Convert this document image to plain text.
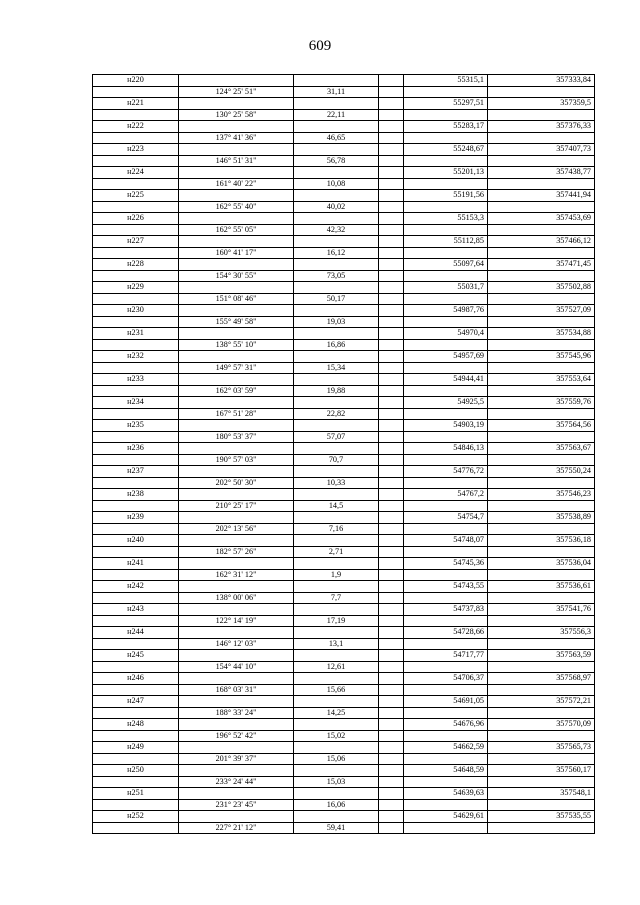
609
н220				55315,1	357333,84
	124° 25' 51"	31,11			
н221				55297,51	357359,5
	130° 25' 58"	22,11			
н222				55283,17	357376,33
	137° 41' 36"	46,65			
н223				55248,67	357407,73
	146° 51' 31"	56,78			
н224				55201,13	357438,77
	161° 40' 22"	10,08			
н225				55191,56	357441,94
	162° 55' 40"	40,02			
н226				55153,3	357453,69
	162° 55' 05"	42,32			
н227				55112,85	357466,12
	160° 41' 17"	16,12			
н228				55097,64	357471,45
	154° 30' 55"	73,05			
н229				55031,7	357502,88
	151° 08' 46"	50,17			
н230				54987,76	357527,09
	155° 49' 58"	19,03			
н231				54970,4	357534,88
	138° 55' 10"	16,86			
н232				54957,69	357545,96
	149° 57' 31"	15,34			
н233				54944,41	357553,64
	162° 03' 59"	19,88			
н234				54925,5	357559,76
	167° 51' 28"	22,82			
н235				54903,19	357564,56
	180° 53' 37"	57,07			
н236				54846,13	357563,67
	190° 57' 03"	70,7			
н237				54776,72	357550,24
	202° 50' 30"	10,33			
н238				54767,2	357546,23
	210° 25' 17"	14,5			
н239				54754,7	357538,89
	202° 13' 56"	7,16			
н240				54748,07	357536,18
	182° 57' 26"	2,71			
н241				54745,36	357536,04
	162° 31' 12"	1,9			
н242				54743,55	357536,61
	138° 00' 06"	7,7			
н243				54737,83	357541,76
	122° 14' 19"	17,19			
н244				54728,66	357556,3
	146° 12' 03"	13,1			
н245				54717,77	357563,59
	154° 44' 10"	12,61			
н246				54706,37	357568,97
	168° 03' 31"	15,66			
н247				54691,05	357572,21
	188° 33' 24"	14,25			
н248				54676,96	357570,09
	196° 52' 42"	15,02			
н249				54662,59	357565,73
	201° 39' 37"	15,06			
н250				54648,59	357560,17
	233° 24' 44"	15,03			
н251				54639,63	357548,1
	231° 23' 45"	16,06			
н252				54629,61	357535,55
	227° 21' 12"	59,41			
